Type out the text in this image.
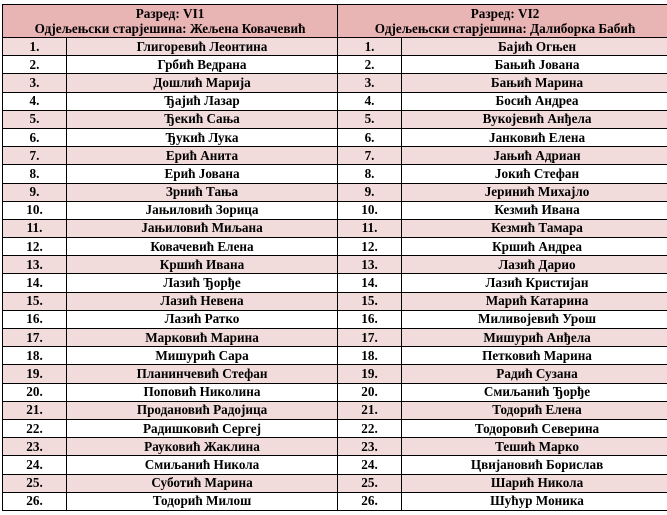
Разред: VI1
Одјељењски старјешина: Жељена Ковачевић		Разред: VI2
Одјељењски старјешина: Далиборка Бабић	

1.	Глигоревић Леонтина	1.	Бајић Огњен
2.	Грбић Ведрана	2.	Бањић Јована
3.	Дошлић Марија	3.	Бањић Марина
4.	Ђајић Лазар	4.	Босић Андреа
5.	Ђекић Сања	5.	Вукојевић Анђела
6.	Ђукић Лука	6.	Јанковић Елена
7.	Ерић Анита	7.	Јањић Адриан
8.	Ерић Јована	8.	Јокић Стефан
9.	Зрнић Тања	9.	Јеринић Михајло
10.	Јањиловић Зорица	10.	Кезмић Ивана
11.	Јањиловић Миљана	11.	Кезмић Тамара
12.	Ковачевић Елена	12.	Кршић Андреа
13.	Кршић Ивана	13.	Лазић Дарио
14.	Лазић Ђорђе	14.	Лазић Кристијан
15.	Лазић Невена	15.	Марић Катарина
16.	Лазић Ратко	16.	Миливојевић Урош
17.	Марковић Марина	17.	Мишурић Анђела
18.	Мишурић Сара	18.	Петковић Марина
19.	Планинчевић Стефан	19.	Радић Сузана
20.	Поповић Николина	20.	Смиљанић Ђорђе
21.	Продановић Радојица	21.	Тодорић Елена
22.	Радишковић Сергеј	22.	Тодоровић Северина
23.	Рауковић Жаклина	23.	Тешић Марко
24.	Смиљанић Никола	24.	Цвијановић Борислав
25.	Суботић Марина	25.	Шарић Никола
26.	Тодорић Милош	26.	Шућур Моника
